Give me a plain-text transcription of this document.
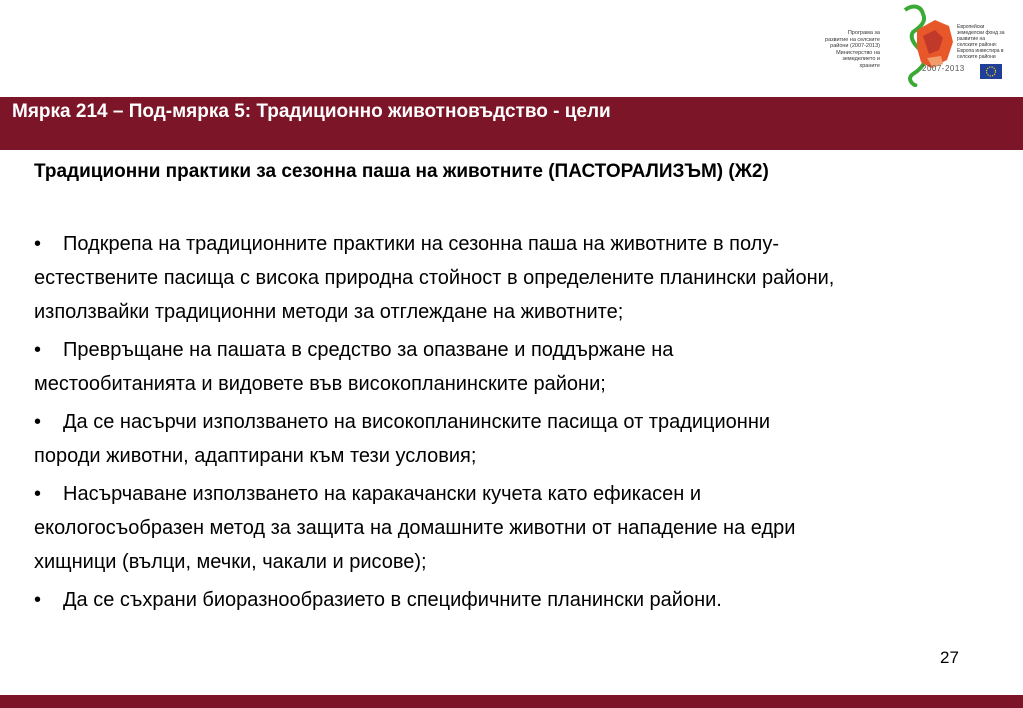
Програма за развитие на селските райони (2007-2013) Министерство на земеделието и храните
Европейски земеделски фонд за развитие на селските райони: Европа инвестира в селските райони
2007-2013
Мярка 214 – Под-мярка 5: Традиционно животновъдство - цели
Традиционни практики за сезонна паша на животните (ПАСТОРАЛИЗЪМ) (Ж2)
• Подкрепа на традиционните практики на сезонна паша на животните в полу-
естествените пасища с висока природна стойност в определените планински райони,
използвайки традиционни методи за отглеждане на животните;
• Превръщане на пашата в средство за опазване и поддържане на
местообитанията и видовете във високопланинските райони;
• Да се насърчи използването на високопланинските пасища от традиционни
породи животни, адаптирани към тези условия;
• Насърчаване използването на каракачански кучета като ефикасен и
екологосъобразен метод за защита на домашните животни от нападение на едри
хищници (вълци, мечки, чакали и рисове);
• Да се съхрани биоразнообразието в специфичните планински райони.
27
